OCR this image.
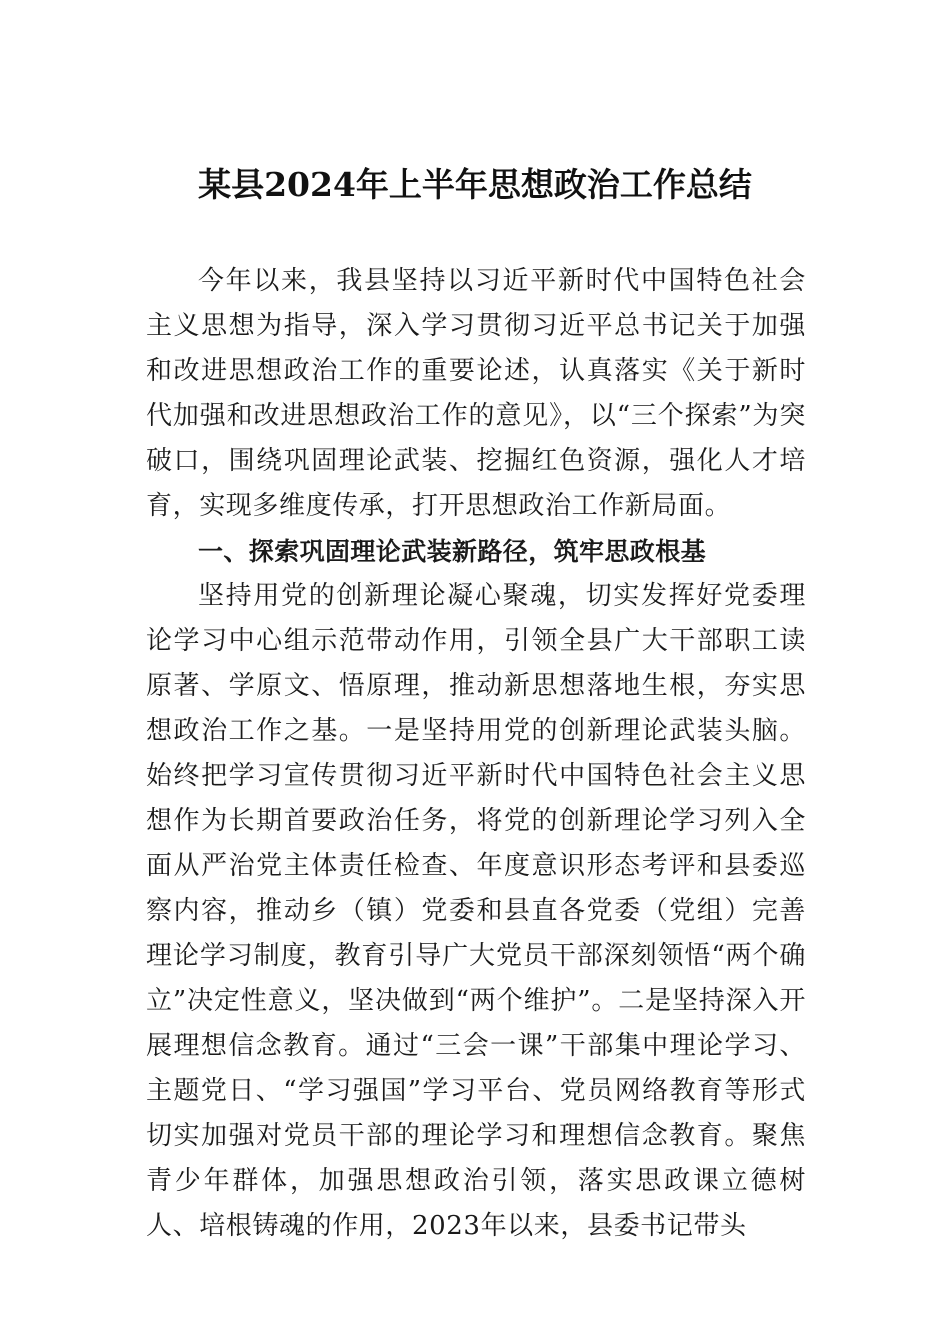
某县2024年上半年思想政治工作总结

今年以来，我县坚持以习近平新时代中国特色社会主义思想为指导，深入学习贯彻习近平总书记关于加强和改进思想政治工作的重要论述，认真落实《关于新时代加强和改进思想政治工作的意见》，以“三个探索”为突破口，围绕巩固理论武装、挖掘红色资源，强化人才培育，实现多维度传承，打开思想政治工作新局面。

一、探索巩固理论武装新路径，筑牢思政根基

坚持用党的创新理论凝心聚魂，切实发挥好党委理论学习中心组示范带动作用，引领全县广大干部职工读原著、学原文、悟原理，推动新思想落地生根，夯实思想政治工作之基。一是坚持用党的创新理论武装头脑。始终把学习宣传贯彻习近平新时代中国特色社会主义思想作为长期首要政治任务，将党的创新理论学习列入全面从严治党主体责任检查、年度意识形态考评和县委巡察内容，推动乡（镇）党委和县直各党委（党组）完善理论学习制度，教育引导广大党员干部深刻领悟“两个确立”决定性意义，坚决做到“两个维护”。二是坚持深入开展理想信念教育。通过“三会一课”干部集中理论学习、主题党日、“学习强国”学习平台、党员网络教育等形式切实加强对党员干部的理论学习和理想信念教育。聚焦青少年群体，加强思想政治引领，落实思政课立德树人、培根铸魂的作用，2023年以来，县委书记带头
